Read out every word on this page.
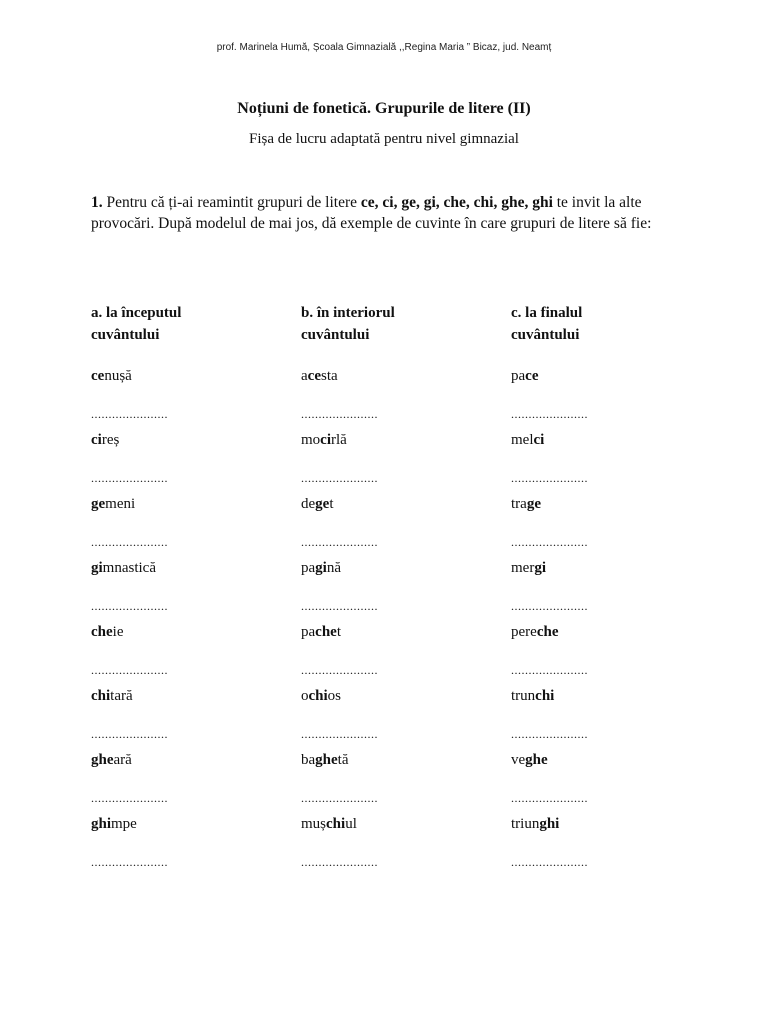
prof. Marinela Humă, Școala Gimnazială ,,Regina Maria ” Bicaz, jud. Neamț
Noțiuni de fonetică. Grupurile de litere (II)
Fișa de lucru adaptată pentru nivel gimnazial
1. Pentru că ți-ai reamintit grupuri de litere ce, ci, ge, gi, che, chi, ghe, ghi te invit la alte provocări. După modelul de mai jos, dă exemple de cuvinte în care grupuri de litere să fie:
a. la începutul
cuvântului
cenușă
......................
cireș
......................
gemeni
......................
gimnastică
......................
cheie
......................
chitară
......................
gheară
......................
ghimpe
......................
b. în interiorul
cuvântului
acesta
......................
mocirlă
......................
deget
......................
pagină
......................
pachet
......................
ochios
......................
baghetă
......................
mușchiul
......................
c. la finalul
cuvântului
pace
......................
melci
......................
trage
......................
mergi
......................
pereche
......................
trunchi
......................
veghe
......................
triunghi
......................
